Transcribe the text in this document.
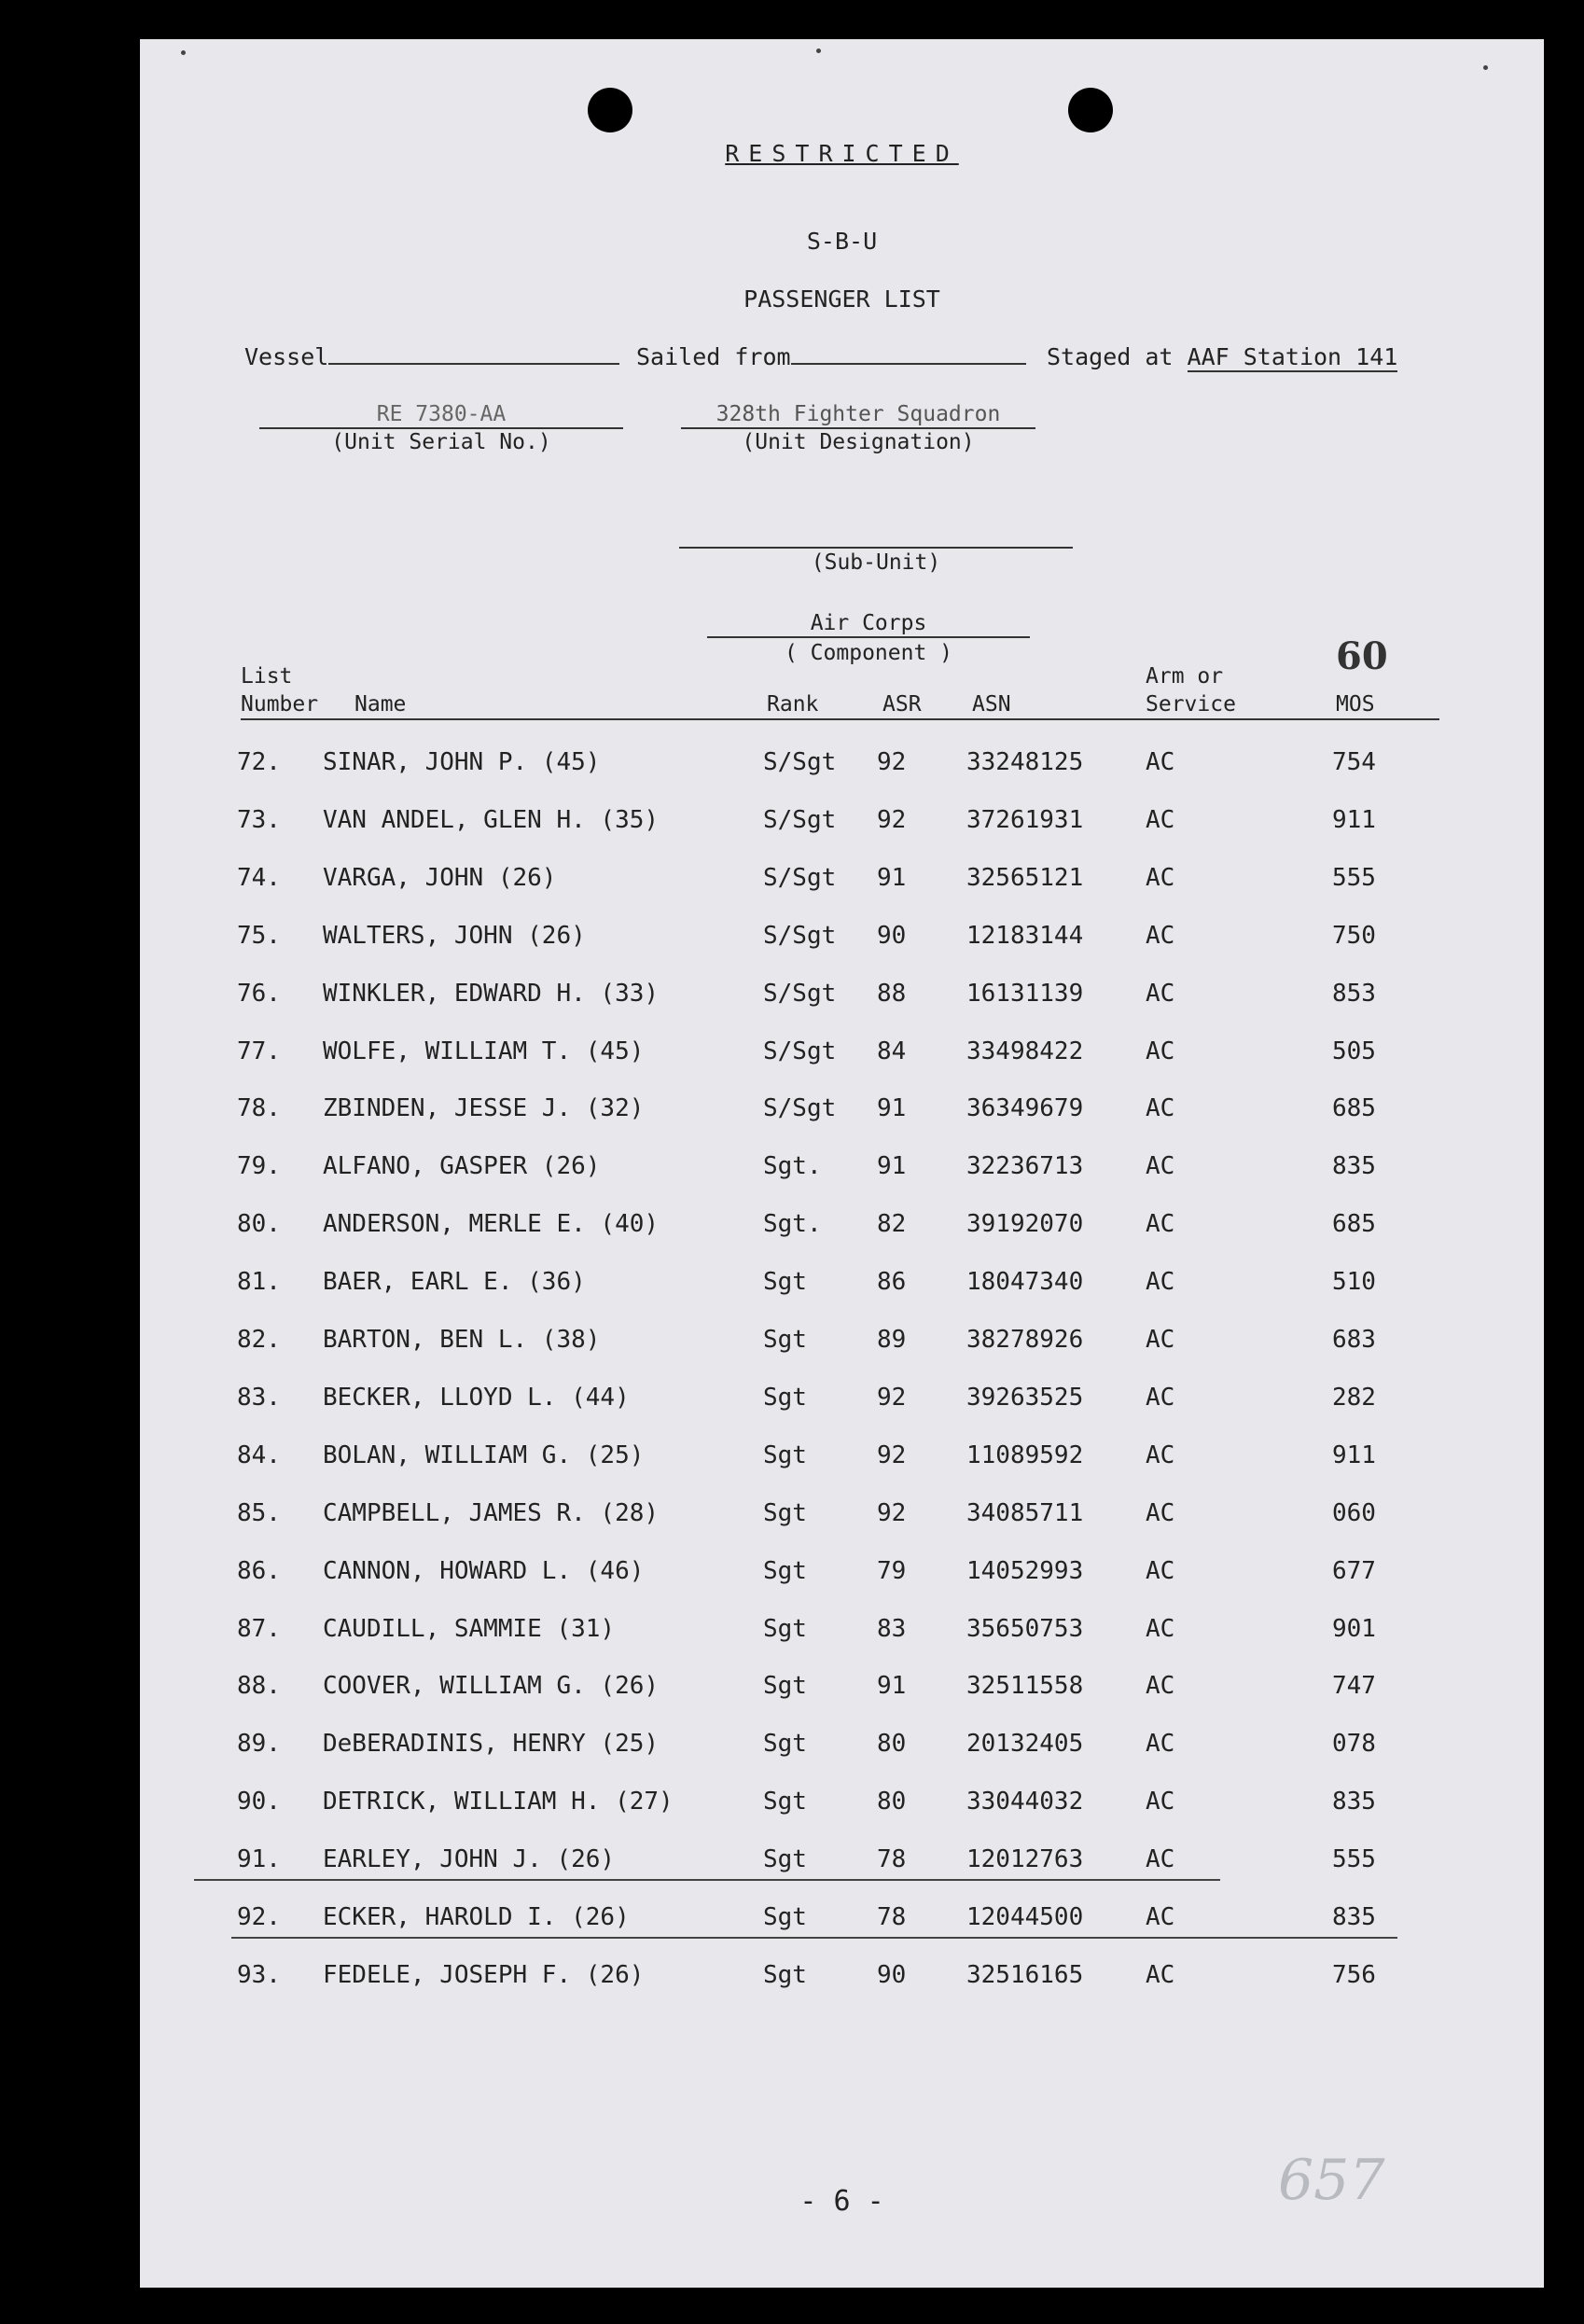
RESTRICTED
S-B-U
PASSENGER LIST
Vessel	Sailed from	Staged at AAF Station 141
RE 7380-AA
(Unit Serial No.)
328th Fighter Squadron
(Unit Designation)
(Sub-Unit)
Air Corps
( Component )	60
List
Number Name	Rank	ASR ASN
Arm or
Service	MOS
72. SINAR, JOHN P. (45)	S/Sgt 92 33248125	AC	754
73. VAN ANDEL, GLEN H. (35)	S/Sgt 92 37261931	AC	911
74. VARGA, JOHN (26)	S/Sgt 91 32565121	AC	555
75. WALTERS, JOHN (26)	S/Sgt 90 12183144	AC	750
76. WINKLER, EDWARD H. (33)	S/Sgt 88 16131139	AC	853
77. WOLFE, WILLIAM T. (45)	S/Sgt 84 33498422	AC	505
78. ZBINDEN, JESSE J. (32)	S/Sgt 91 36349679	AC	685
79. ALFANO, GASPER (26)	Sgt. 91 32236713	AC	835
80. ANDERSON, MERLE E. (40)	Sgt. 82 39192070	AC	685
81. BAER, EARL E. (36)	Sgt	86 18047340	AC	510
82. BARTON, BEN L. (38)	Sgt	89 38278926	AC	683
83. BECKER, LLOYD L. (44)	Sgt	92 39263525	AC	282
84. BOLAN, WILLIAM G. (25)	Sgt	92 11089592	AC	911
85. CAMPBELL, JAMES R. (28)	Sgt	92 34085711	AC	060
86. CANNON, HOWARD L. (46)	Sgt	79 14052993	AC	677
87. CAUDILL, SAMMIE (31)	Sgt	83 35650753	AC	901
88. COOVER, WILLIAM G. (26)	Sgt	91 32511558	AC	747
89. DeBERADINIS, HENRY (25)	Sgt	80 20132405	AC	078
90. DETRICK, WILLIAM H. (27)	Sgt	80 33044032	AC	835
91. EARLEY, JOHN J. (26)	Sgt	78 12012763	AC	555
92. ECKER, HAROLD I. (26)	Sgt	78 12044500	AC	835
93. FEDELE, JOSEPH F. (26)	Sgt	90 32516165	AC	756
- 6 -	657
